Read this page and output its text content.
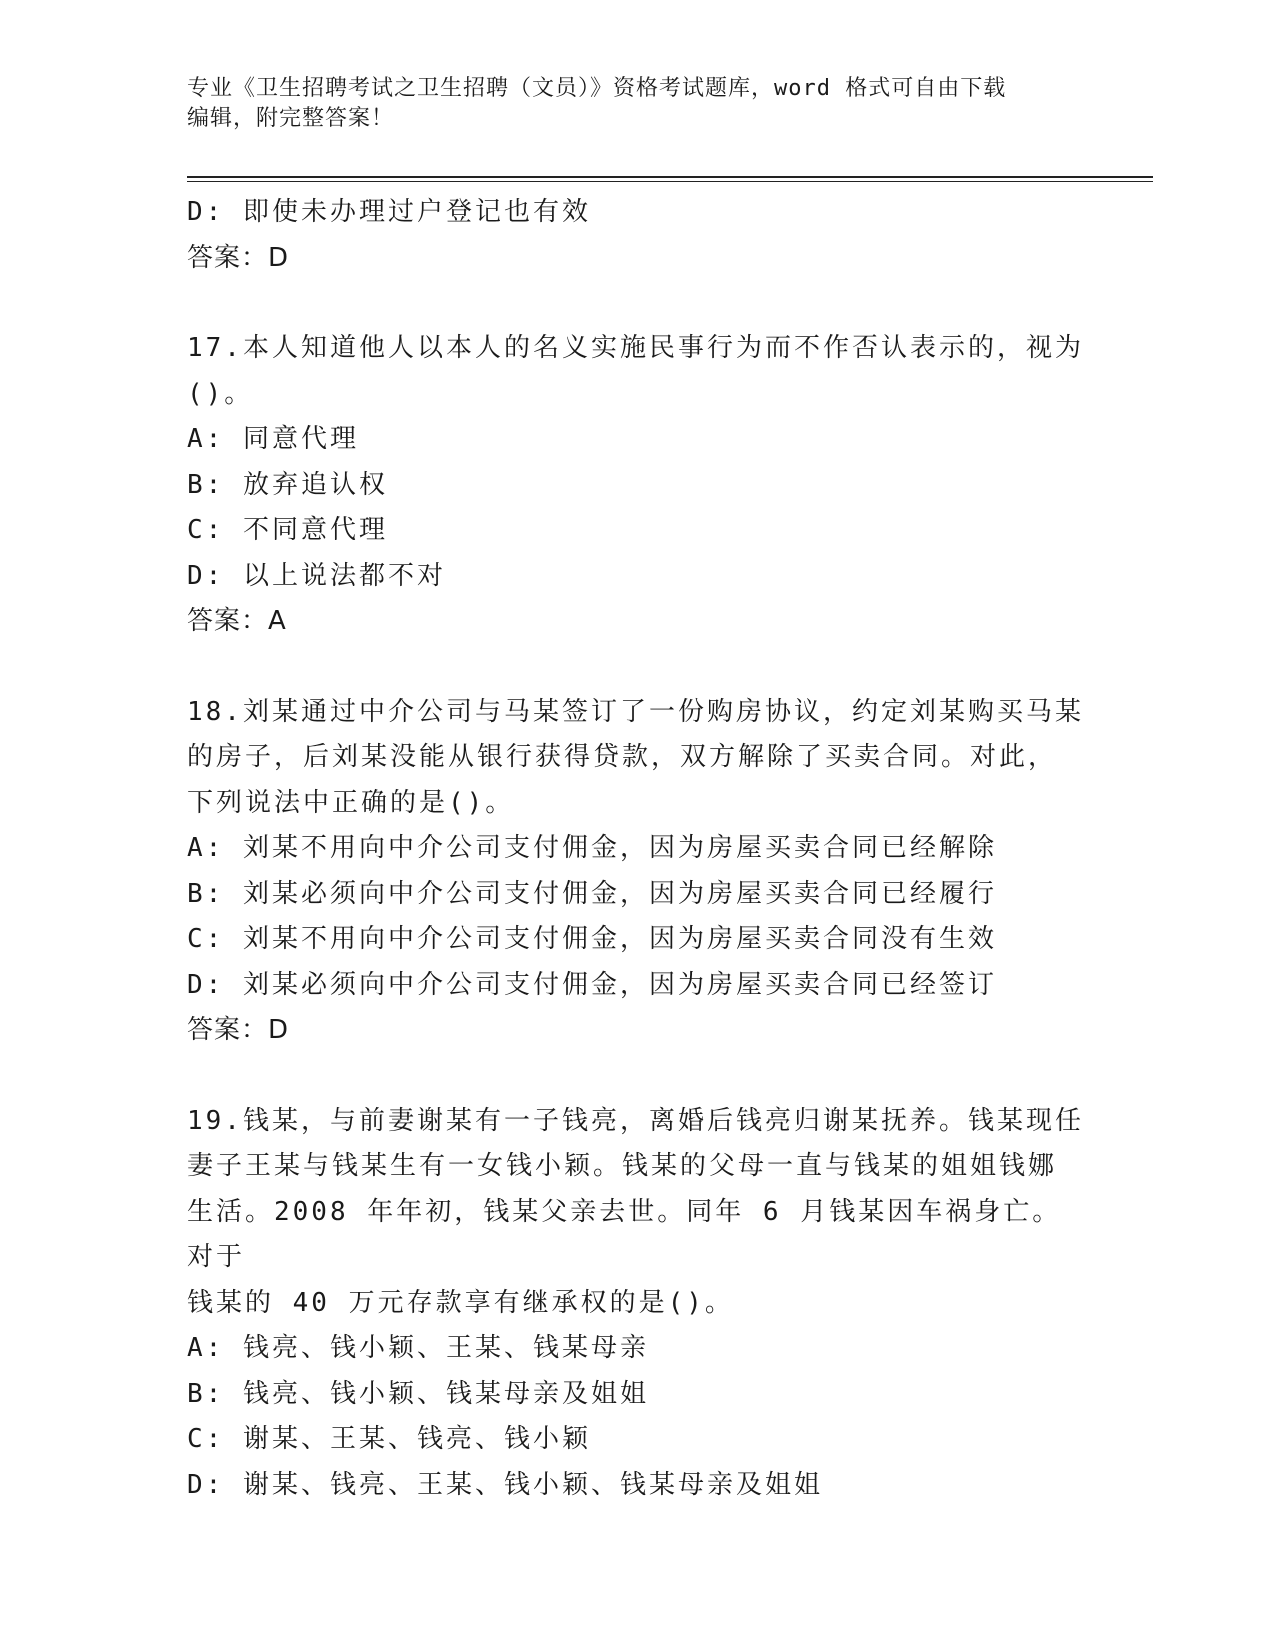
专业《卫生招聘考试之卫生招聘（文员）》资格考试题库，word 格式可自由下载
编辑，附完整答案！
D: 即使未办理过户登记也有效
答案：D
17.本人知道他人以本人的名义实施民事行为而不作否认表示的，视为
()。
A: 同意代理
B: 放弃追认权
C: 不同意代理
D: 以上说法都不对
答案：A
18.刘某通过中介公司与马某签订了一份购房协议，约定刘某购买马某
的房子，后刘某没能从银行获得贷款，双方解除了买卖合同。对此，
下列说法中正确的是()。
A: 刘某不用向中介公司支付佣金，因为房屋买卖合同已经解除
B: 刘某必须向中介公司支付佣金，因为房屋买卖合同已经履行
C: 刘某不用向中介公司支付佣金，因为房屋买卖合同没有生效
D: 刘某必须向中介公司支付佣金，因为房屋买卖合同已经签订
答案：D
19.钱某，与前妻谢某有一子钱亮，离婚后钱亮归谢某抚养。钱某现任
妻子王某与钱某生有一女钱小颖。钱某的父母一直与钱某的姐姐钱娜
生活。2008 年年初，钱某父亲去世。同年 6 月钱某因车祸身亡。对于
钱某的 40 万元存款享有继承权的是()。
A: 钱亮、钱小颖、王某、钱某母亲
B: 钱亮、钱小颖、钱某母亲及姐姐
C: 谢某、王某、钱亮、钱小颖
D: 谢某、钱亮、王某、钱小颖、钱某母亲及姐姐
